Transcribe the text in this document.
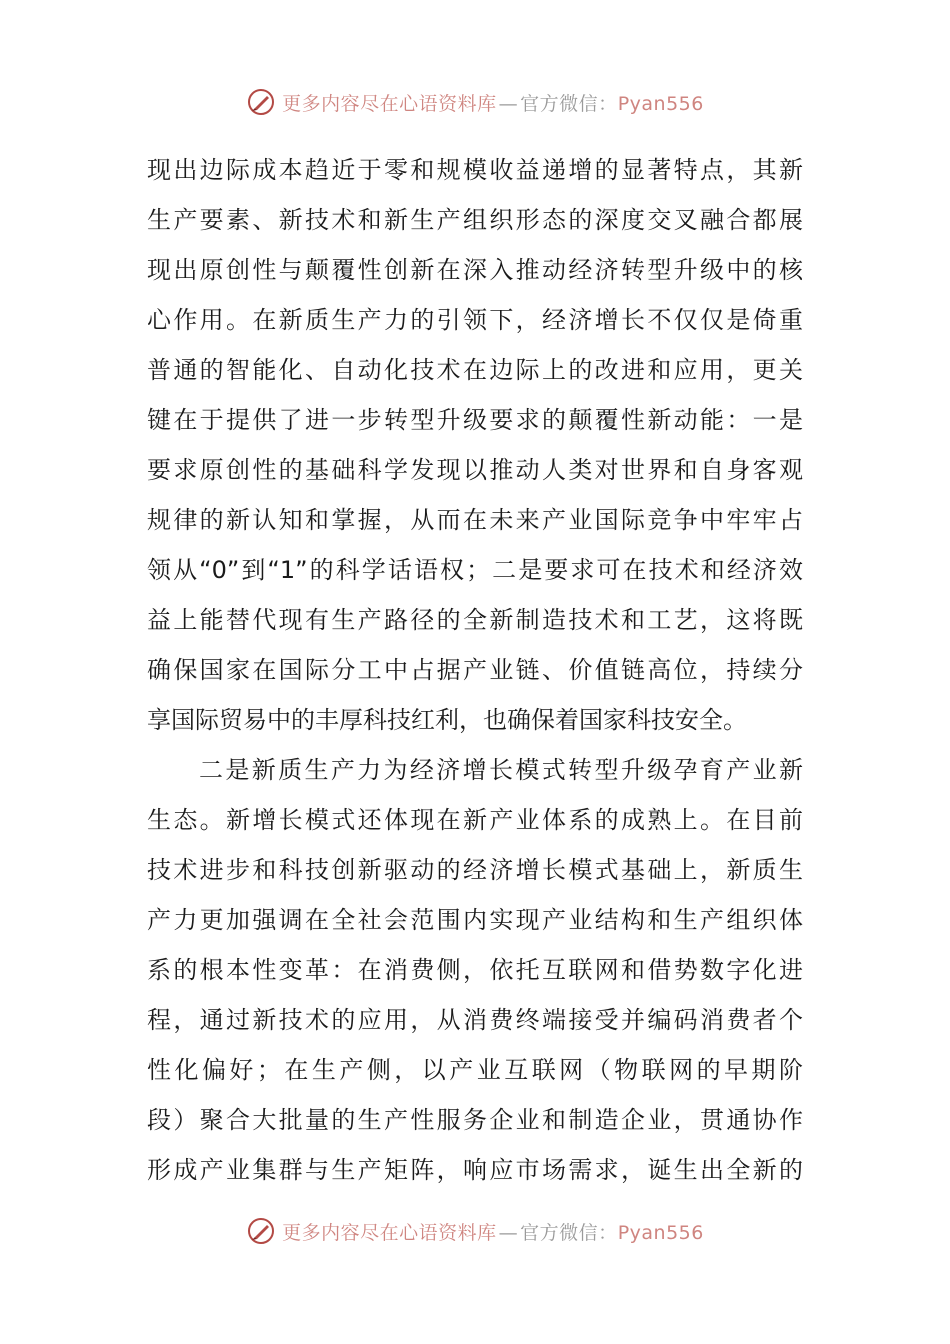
更多内容尽在心语资料库 — 官方微信：Pyan556
现出边际成本趋近于零和规模收益递增的显著特点，其新
生产要素、新技术和新生产组织形态的深度交叉融合都展
现出原创性与颠覆性创新在深入推动经济转型升级中的核
心作用。在新质生产力的引领下，经济增长不仅仅是倚重
普通的智能化、自动化技术在边际上的改进和应用，更关
键在于提供了进一步转型升级要求的颠覆性新动能：一是
要求原创性的基础科学发现以推动人类对世界和自身客观
规律的新认知和掌握，从而在未来产业国际竞争中牢牢占
领从“0”到“1”的科学话语权；二是要求可在技术和经济效
益上能替代现有生产路径的全新制造技术和工艺，这将既
确保国家在国际分工中占据产业链、价值链高位，持续分
享国际贸易中的丰厚科技红利，也确保着国家科技安全。
二是新质生产力为经济增长模式转型升级孕育产业新
生态。新增长模式还体现在新产业体系的成熟上。在目前
技术进步和科技创新驱动的经济增长模式基础上，新质生
产力更加强调在全社会范围内实现产业结构和生产组织体
系的根本性变革：在消费侧，依托互联网和借势数字化进
程，通过新技术的应用，从消费终端接受并编码消费者个
性化偏好；在生产侧，以产业互联网（物联网的早期阶
段）聚合大批量的生产性服务企业和制造企业，贯通协作
形成产业集群与生产矩阵，响应市场需求，诞生出全新的
更多内容尽在心语资料库 — 官方微信：Pyan556
